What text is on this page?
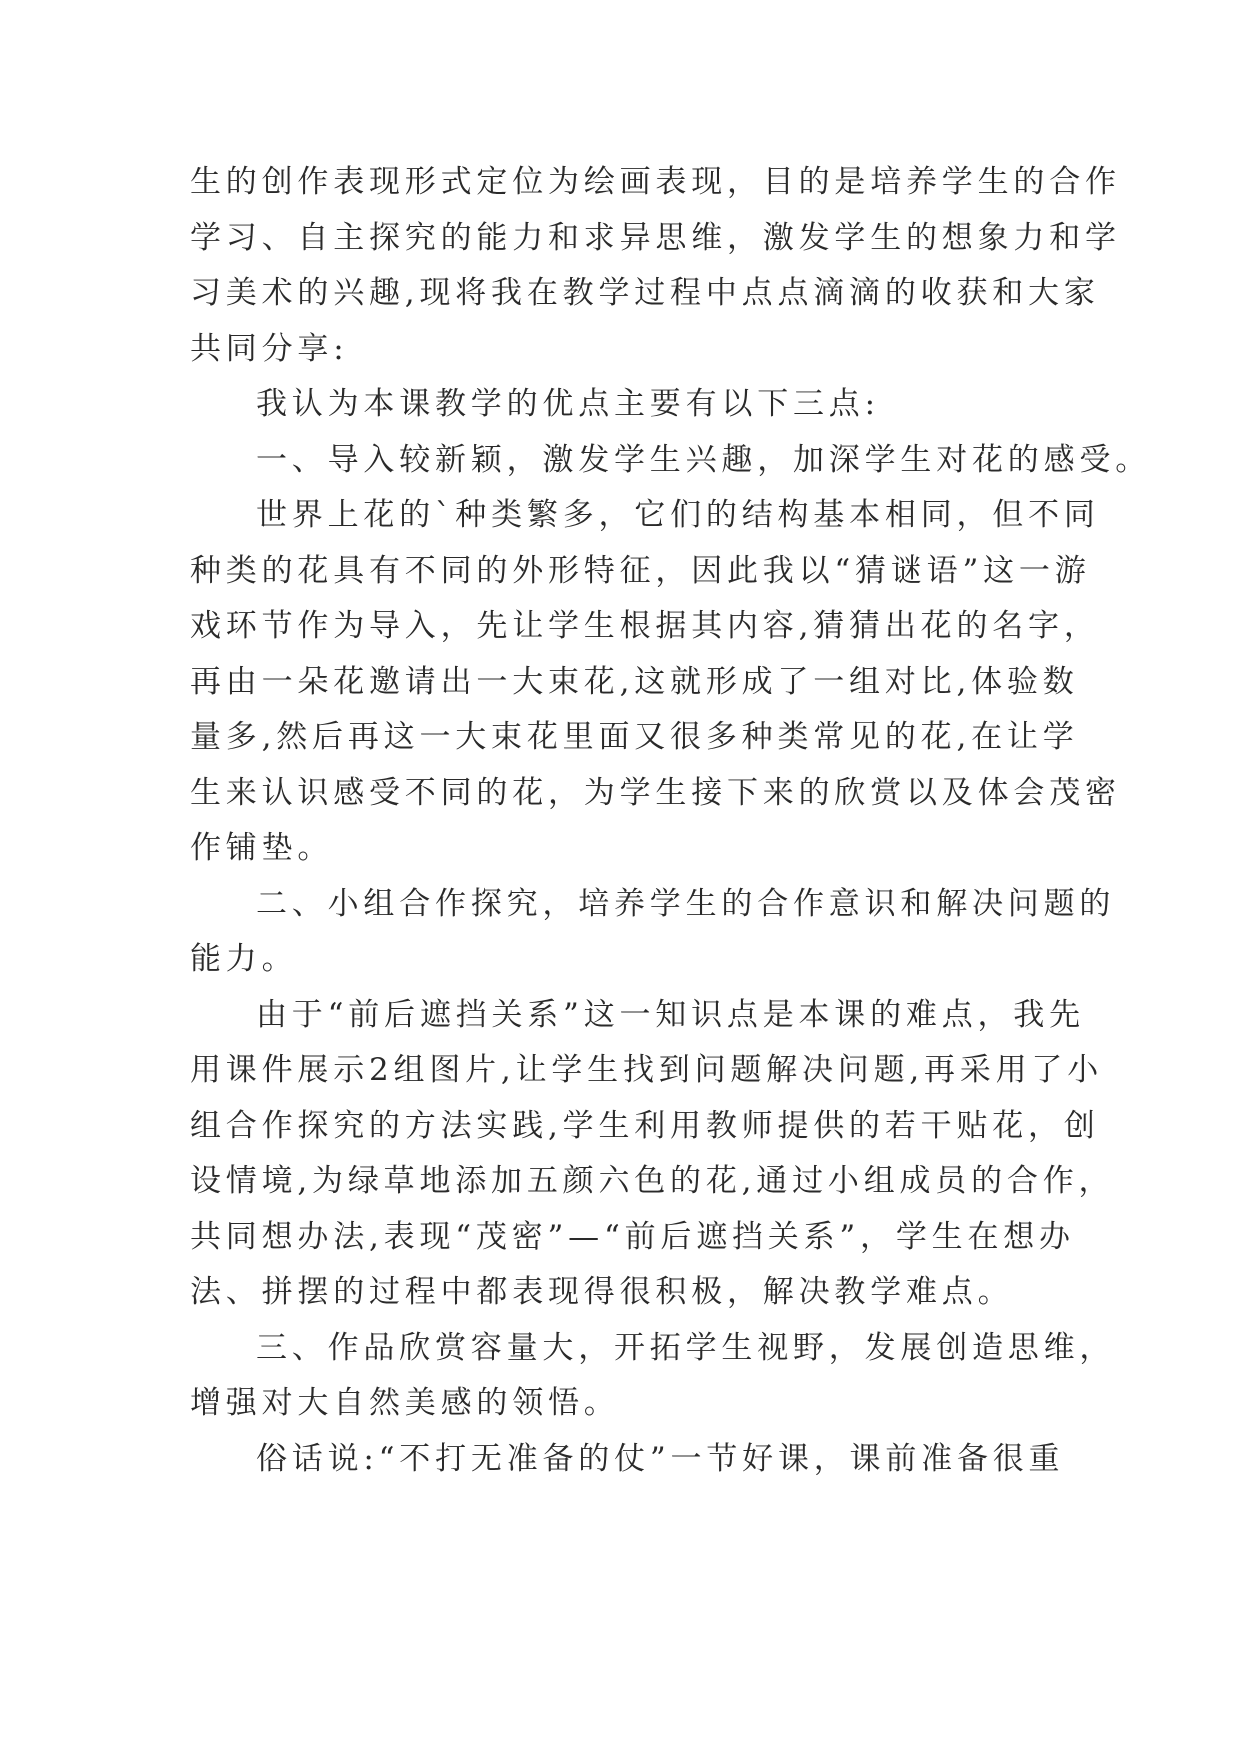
生的创作表现形式定位为绘画表现，目的是培养学生的合作
学习、自主探究的能力和求异思维，激发学生的想象力和学
习美术的兴趣,现将我在教学过程中点点滴滴的收获和大家
共同分享:
我认为本课教学的优点主要有以下三点:
一、导入较新颖，激发学生兴趣，加深学生对花的感受。
世界上花的`种类繁多，它们的结构基本相同，但不同
种类的花具有不同的外形特征，因此我以“猜谜语”这一游
戏环节作为导入，先让学生根据其内容,猜猜出花的名字，
再由一朵花邀请出一大束花,这就形成了一组对比,体验数
量多,然后再这一大束花里面又很多种类常见的花,在让学
生来认识感受不同的花，为学生接下来的欣赏以及体会茂密
作铺垫。
二、小组合作探究，培养学生的合作意识和解决问题的
能力。
由于“前后遮挡关系”这一知识点是本课的难点，我先
用课件展示2组图片,让学生找到问题解决问题,再采用了小
组合作探究的方法实践,学生利用教师提供的若干贴花，创
设情境,为绿草地添加五颜六色的花,通过小组成员的合作，
共同想办法,表现“茂密”—“前后遮挡关系”，学生在想办
法、拼摆的过程中都表现得很积极，解决教学难点。
三、作品欣赏容量大，开拓学生视野，发展创造思维，
增强对大自然美感的领悟。
俗话说:“不打无准备的仗”一节好课，课前准备很重
